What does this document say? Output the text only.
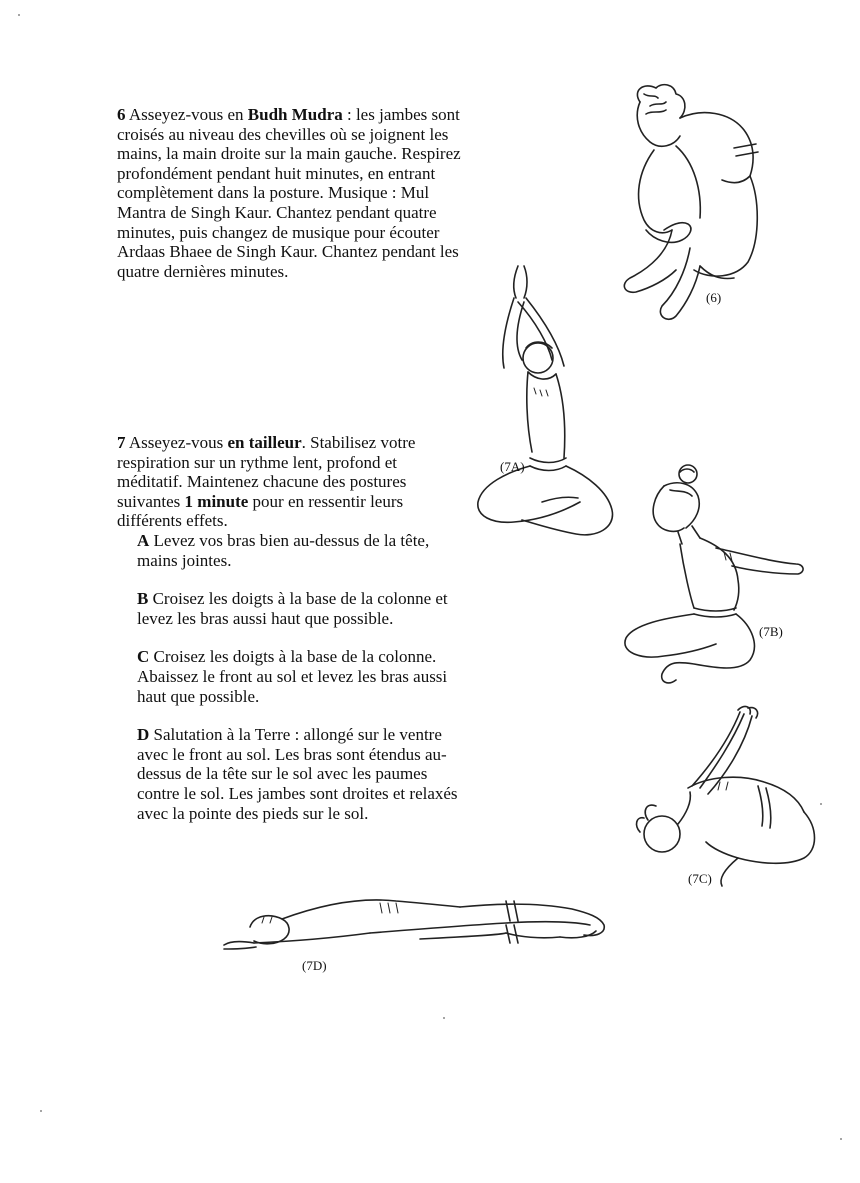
6 Asseyez-vous en Budh Mudra : les jambes sont croisés au niveau des chevilles où se joignent les mains, la main droite sur la main gauche. Respirez profondément pendant huit minutes, en entrant complètement dans la posture. Musique : Mul Mantra de Singh Kaur. Chantez pendant quatre minutes, puis changez de musique pour écouter Ardaas Bhaee de Singh Kaur. Chantez pendant les quatre dernières minutes.

7 Asseyez-vous en tailleur. Stabilisez votre respiration sur un rythme lent, profond et méditatif. Maintenez chacune des postures suivantes 1 minute pour en ressentir leurs différents effets.

A Levez vos bras bien au-dessus de la tête, mains jointes.

B Croisez les doigts à la base de la colonne et levez les bras aussi haut que possible.

C Croisez les doigts à la base de la colonne. Abaissez le front au sol et levez les bras aussi haut que possible.

D Salutation à la Terre : allongé sur le ventre avec le front au sol. Les bras sont étendus au-dessus de la tête sur le sol avec les paumes contre le sol. Les jambes sont droites et relaxés avec la pointe des pieds sur le sol.

(6)
(7A)
(7B)
(7C)
(7D)
